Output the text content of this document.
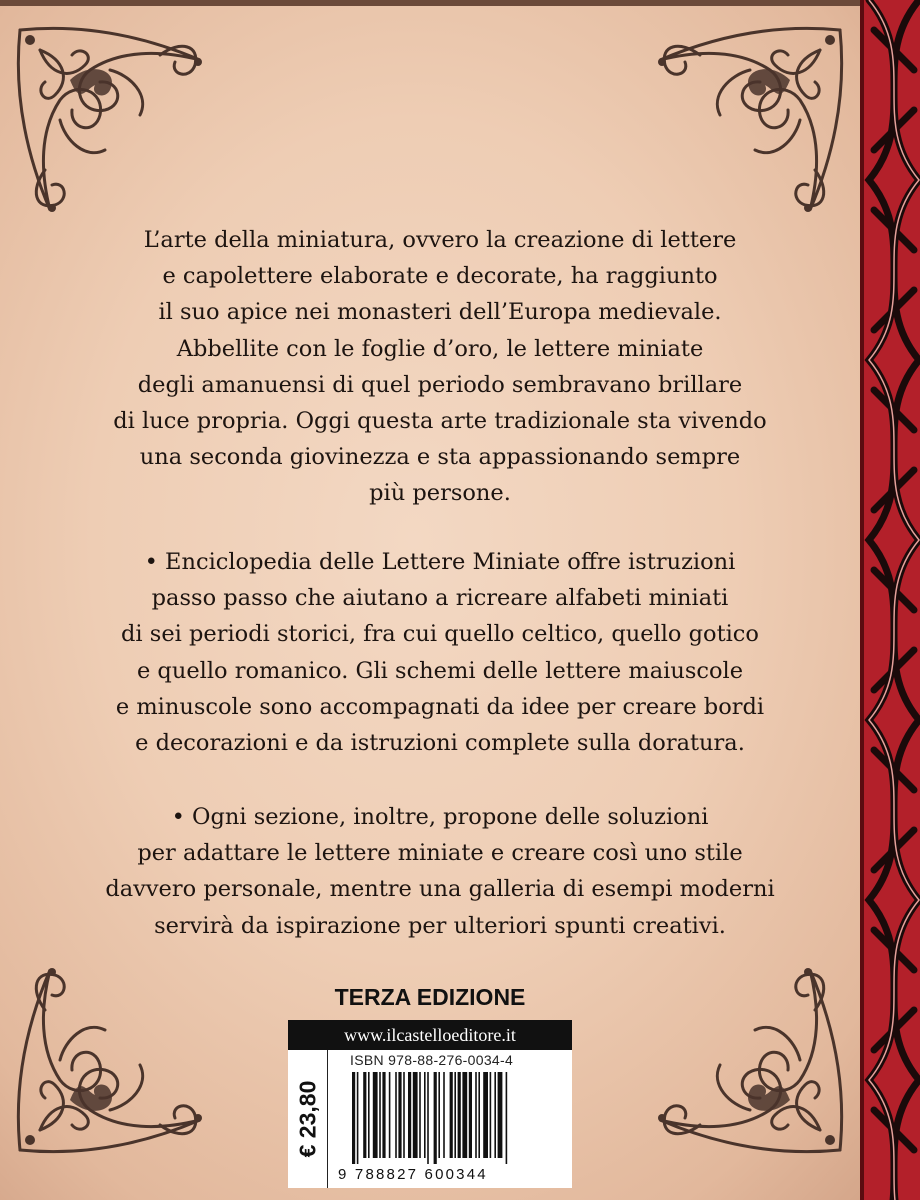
L’arte della miniatura, ovvero la creazione di lettere
e capolettere elaborate e decorate, ha raggiunto
il suo apice nei monasteri dell’Europa medievale.
Abbellite con le foglie d’oro, le lettere miniate
degli amanuensi di quel periodo sembravano brillare
di luce propria. Oggi questa arte tradizionale sta vivendo
una seconda giovinezza e sta appassionando sempre
più persone.
• Enciclopedia delle Lettere Miniate offre istruzioni
passo passo che aiutano a ricreare alfabeti miniati
di sei periodi storici, fra cui quello celtico, quello gotico
e quello romanico. Gli schemi delle lettere maiuscole
e minuscole sono accompagnati da idee per creare bordi
e decorazioni e da istruzioni complete sulla doratura.
• Ogni sezione, inoltre, propone delle soluzioni
per adattare le lettere miniate e creare così uno stile
davvero personale, mentre una galleria di esempi moderni
servirà da ispirazione per ulteriori spunti creativi.
TERZA EDIZIONE
www.ilcastelloeditore.it
€ 23,80
ISBN 978-88-276-0034-4
9 788827 600344
